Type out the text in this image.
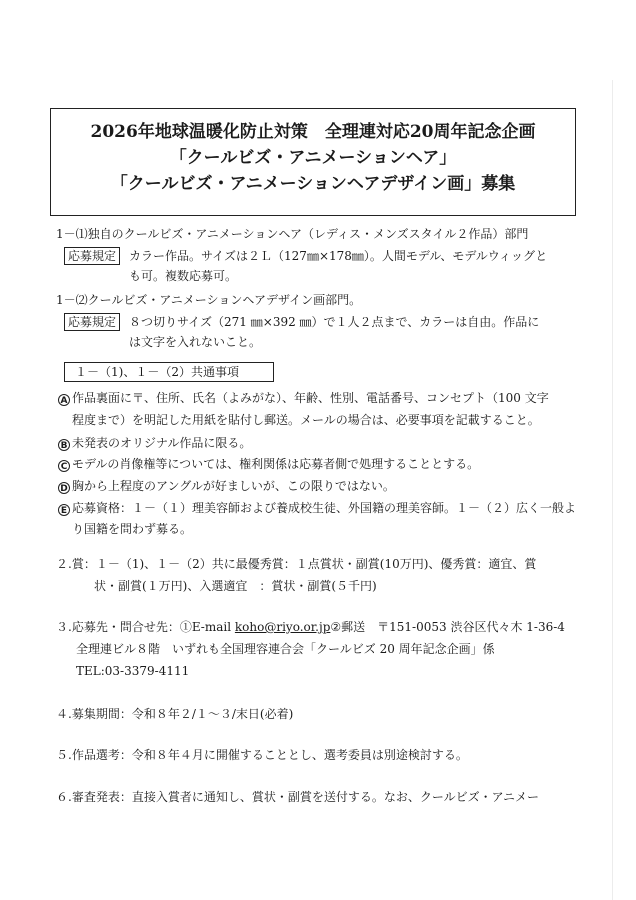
2026年地球温暖化防止対策　全理連対応20周年記念企画
「クールビズ・アニメーションヘア」
「クールビズ・アニメーションヘアデザイン画」募集
1－⑴独自のクールビズ・アニメーションヘア（レディス・メンズスタイル２作品）部門
応募規定	カラー作品。サイズは２Ｌ（127㎜×178㎜）。人間モデル、モデルウィッグと
も可。複数応募可。
1－⑵クールビズ・アニメーションヘアデザイン画部門。
応募規定	８つ切りサイズ（271 ㎜×392 ㎜）で１人２点まで、カラーは自由。作品に
は文字を入れないこと。
１－（1)、１－（2）共通事項
A 作品裏面に〒、住所、氏名（よみがな）、年齢、性別、電話番号、コンセプト（100 文字
程度まで）を明記した用紙を貼付し郵送。メールの場合は、必要事項を記載すること。
B 未発表のオリジナル作品に限る。
C モデルの肖像権等については、権利関係は応募者側で処理することとする。
D 胸から上程度のアングルが好ましいが、この限りではない。
E 応募資格：１－（１）理美容師および養成校生徒、外国籍の理美容師。１－（２）広く一般よ
り国籍を問わず募る。
２.賞：１－（1)、１－（2）共に最優秀賞：１点賞状・副賞(10万円)、優秀賞：適宜、賞
状・副賞(１万円)、入選適宜　：賞状・副賞(５千円)
３.応募先・問合せ先：①E-mail koho@riyo.or.jp②郵送　〒151-0053 渋谷区代々木 1-36-4
全理連ビル８階　いずれも全国理容連合会「クールビズ 20 周年記念企画」係
TEL:03-3379-4111
４.募集期間：令和８年２/１～３/末日(必着)
５.作品選考：令和８年４月に開催することとし、選考委員は別途検討する。
６.審査発表：直接入賞者に通知し、賞状・副賞を送付する。なお、クールビズ・アニメー
